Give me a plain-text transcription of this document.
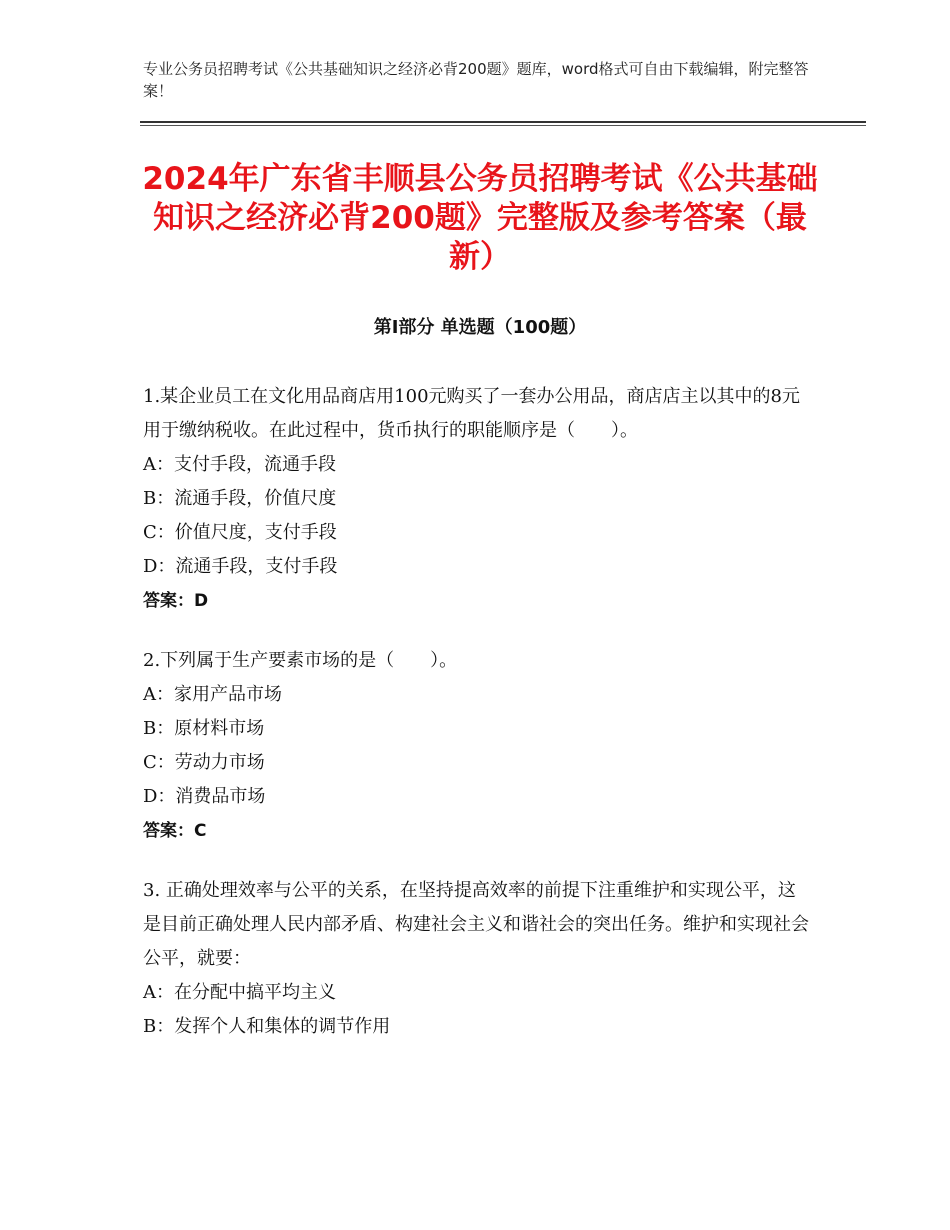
专业公务员招聘考试《公共基础知识之经济必背200题》题库，word格式可自由下载编辑，附完整答案！
2024年广东省丰顺县公务员招聘考试《公共基础知识之经济必背200题》完整版及参考答案（最新）
第Ⅰ部分 单选题（100题）

1.某企业员工在文化用品商店用100元购买了一套办公用品，商店店主以其中的8元用于缴纳税收。在此过程中，货币执行的职能顺序是（　　）。

A：支付手段，流通手段

B：流通手段，价值尺度

C：价值尺度，支付手段

D：流通手段，支付手段

答案：D

2.下列属于生产要素市场的是（　　）。

A：家用产品市场

B：原材料市场

C：劳动力市场

D：消费品市场

答案：C

3. 正确处理效率与公平的关系，在坚持提高效率的前提下注重维护和实现公平，这是目前正确处理人民内部矛盾、构建社会主义和谐社会的突出任务。维护和实现社会公平，就要：

A：在分配中搞平均主义

B：发挥个人和集体的调节作用
